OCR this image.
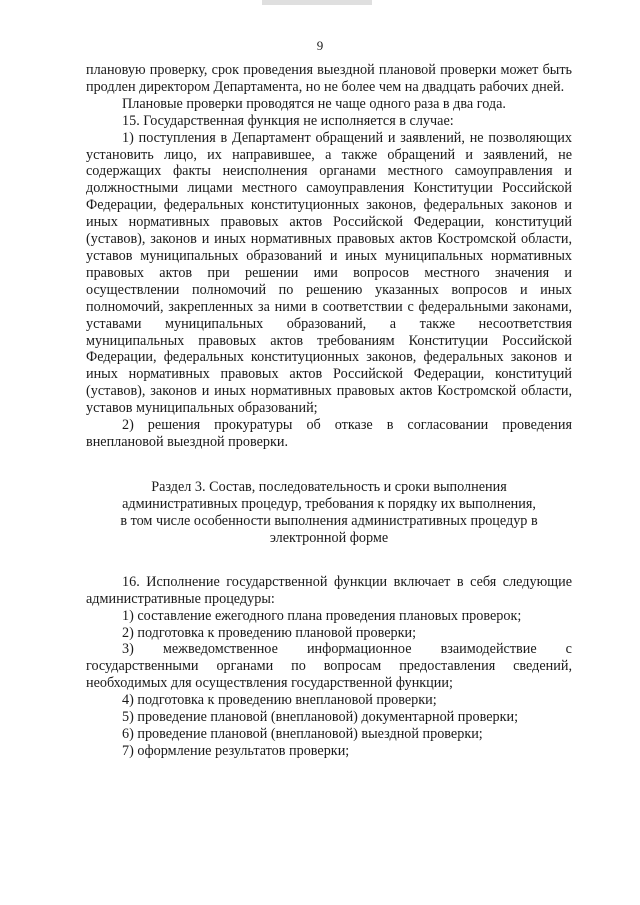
9

плановую проверку, срок проведения выездной плановой проверки может быть продлен директором Департамента, но не более чем на двадцать рабочих дней.

Плановые проверки проводятся не чаще одного раза в два года.

15. Государственная функция не исполняется в случае:

1) поступления в Департамент обращений и заявлений, не позволяющих установить лицо, их направившее, а также обращений и заявлений, не содержащих факты неисполнения органами местного самоуправления и должностными лицами местного самоуправления Конституции Российской Федерации, федеральных конституционных законов, федеральных законов и иных нормативных правовых актов Российской Федерации, конституций (уставов), законов и иных нормативных правовых актов Костромской области, уставов муниципальных образований и иных муниципальных нормативных правовых актов при решении ими вопросов местного значения и осуществлении полномочий по решению указанных вопросов и иных полномочий, закрепленных за ними в соответствии с федеральными законами, уставами муниципальных образований, а также несоответствия муниципальных правовых актов требованиям Конституции Российской Федерации, федеральных конституционных законов, федеральных законов и иных нормативных правовых актов Российской Федерации, конституций (уставов), законов и иных нормативных правовых актов Костромской области, уставов муниципальных образований;

2) решения прокуратуры об отказе в согласовании проведения внеплановой выездной проверки.

Раздел 3. Состав, последовательность и сроки выполнения административных процедур, требования к порядку их выполнения, в том числе особенности выполнения административных процедур в электронной форме

16. Исполнение государственной функции включает в себя следующие административные процедуры:

1) составление ежегодного плана проведения плановых проверок;

2) подготовка к проведению плановой проверки;

3) межведомственное информационное взаимодействие с государственными органами по вопросам предоставления сведений, необходимых для осуществления государственной функции;

4) подготовка к проведению внеплановой проверки;

5) проведение плановой (внеплановой) документарной проверки;

6) проведение плановой (внеплановой) выездной проверки;

7) оформление результатов проверки;
